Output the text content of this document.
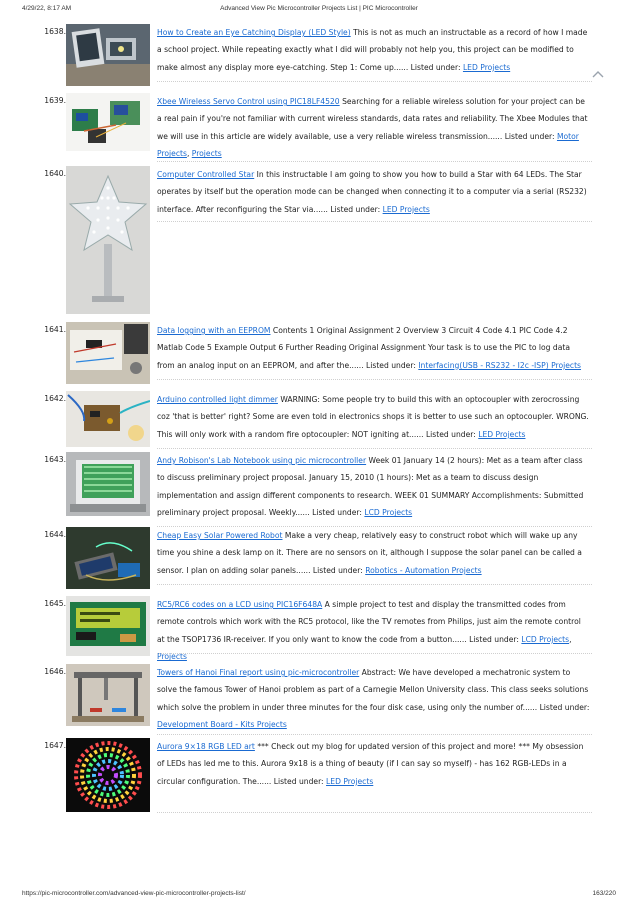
4/29/22, 8:17 AM	Advanced View Pic Microcontroller Projects List | PIC Microcontroller
1638.	How to Create an Eye Catching Display (LED Style) This is not as much an instructable as a record of how I made a school project. While repeating exactly what I did will probably not help you, this project can be modified to make almost any display more eye-catching. Step 1: Come up...... Listed under: LED Projects
1639.	Xbee Wireless Servo Control using PIC18LF4520 Searching for a reliable wireless solution for your project can be a real pain if you're not familiar with current wireless standards, data rates and reliability. The Xbee Modules that we will use in this article are widely available, use a very reliable wireless transmission...... Listed under: Motor Projects, Projects
1640.	Computer Controlled Star In this instructable I am going to show you how to build a Star with 64 LEDs. The Star operates by itself but the operation mode can be changed when connecting it to a computer via a serial (RS232) interface. After reconfiguring the Star via...... Listed under: LED Projects
1641.	Data logging with an EEPROM Contents 1 Original Assignment 2 Overview 3 Circuit 4 Code 4.1 PIC Code 4.2 Matlab Code 5 Example Output 6 Further Reading Original Assignment Your task is to use the PIC to log data from an analog input on an EEPROM, and after the...... Listed under: Interfacing(USB - RS232 - I2c -ISP) Projects
1642.	Arduino controlled light dimmer WARNING: Some people try to build this with an optocoupler with zerocrossing coz 'that is better' right? Some are even told in electronics shops it is better to use such an optocoupler. WRONG. This will only work with a random fire optocoupler: NOT igniting at...... Listed under: LED Projects
1643.	Andy Robison's Lab Notebook using pic microcontroller Week 01 January 14 (2 hours): Met as a team after class to discuss preliminary project proposal. January 15, 2010 (1 hours): Met as a team to discuss design implementation and assign different components to research. WEEK 01 SUMMARY Accomplishments: Submitted preliminary project proposal. Weekly...... Listed under: LCD Projects
1644.	Cheap Easy Solar Powered Robot Make a very cheap, relatively easy to construct robot which will wake up any time you shine a desk lamp on it. There are no sensors on it, although I suppose the solar panel can be called a sensor. I plan on adding solar panels...... Listed under: Robotics - Automation Projects
1645.	RC5/RC6 codes on a LCD using PIC16F648A A simple project to test and display the transmitted codes from remote controls which work with the RC5 protocol, like the TV remotes from Philips, just aim the remote control at the TSOP1736 IR-receiver. If you only want to know the code from a button...... Listed under: LCD Projects, Projects
1646.	Towers of Hanoi Final report using pic-microcontroller Abstract: We have developed a mechatronic system to solve the famous Tower of Hanoi problem as part of a Carnegie Mellon University class. This class seeks solutions which solve the problem in under three minutes for the four disk case, using only the number of...... Listed under: Development Board - Kits Projects
1647.	Aurora 9×18 RGB LED art *** Check out my blog for updated version of this project and more! *** My obsession of LEDs has led me to this. Aurora 9x18 is a thing of beauty (if I can say so myself) - has 162 RGB-LEDs in a circular configuration. The...... Listed under: LED Projects
https://pic-microcontroller.com/advanced-view-pic-microcontroller-projects-list/	163/220
